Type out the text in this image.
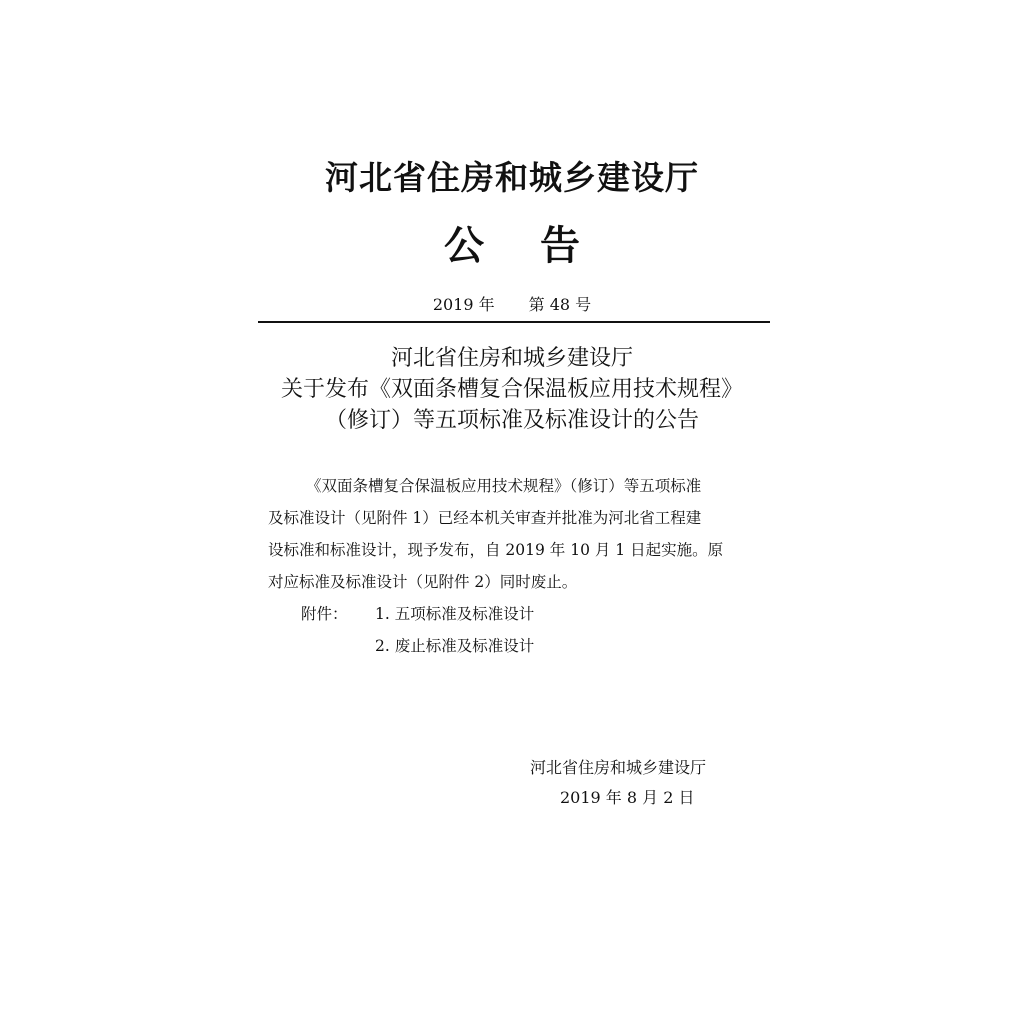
河北省住房和城乡建设厅
公 告
2019 年 第 48 号
河北省住房和城乡建设厅
关于发布《双面条槽复合保温板应用技术规程》
（修订）等五项标准及标准设计的公告
《双面条槽复合保温板应用技术规程》（修订）等五项标准
及标准设计（见附件 1）已经本机关审查并批准为河北省工程建
设标准和标准设计，现予发布，自 2019 年 10 月 1 日起实施。原
对应标准及标准设计（见附件 2）同时废止。
附件： 1. 五项标准及标准设计
2. 废止标准及标准设计
河北省住房和城乡建设厅
2019 年 8 月 2 日
